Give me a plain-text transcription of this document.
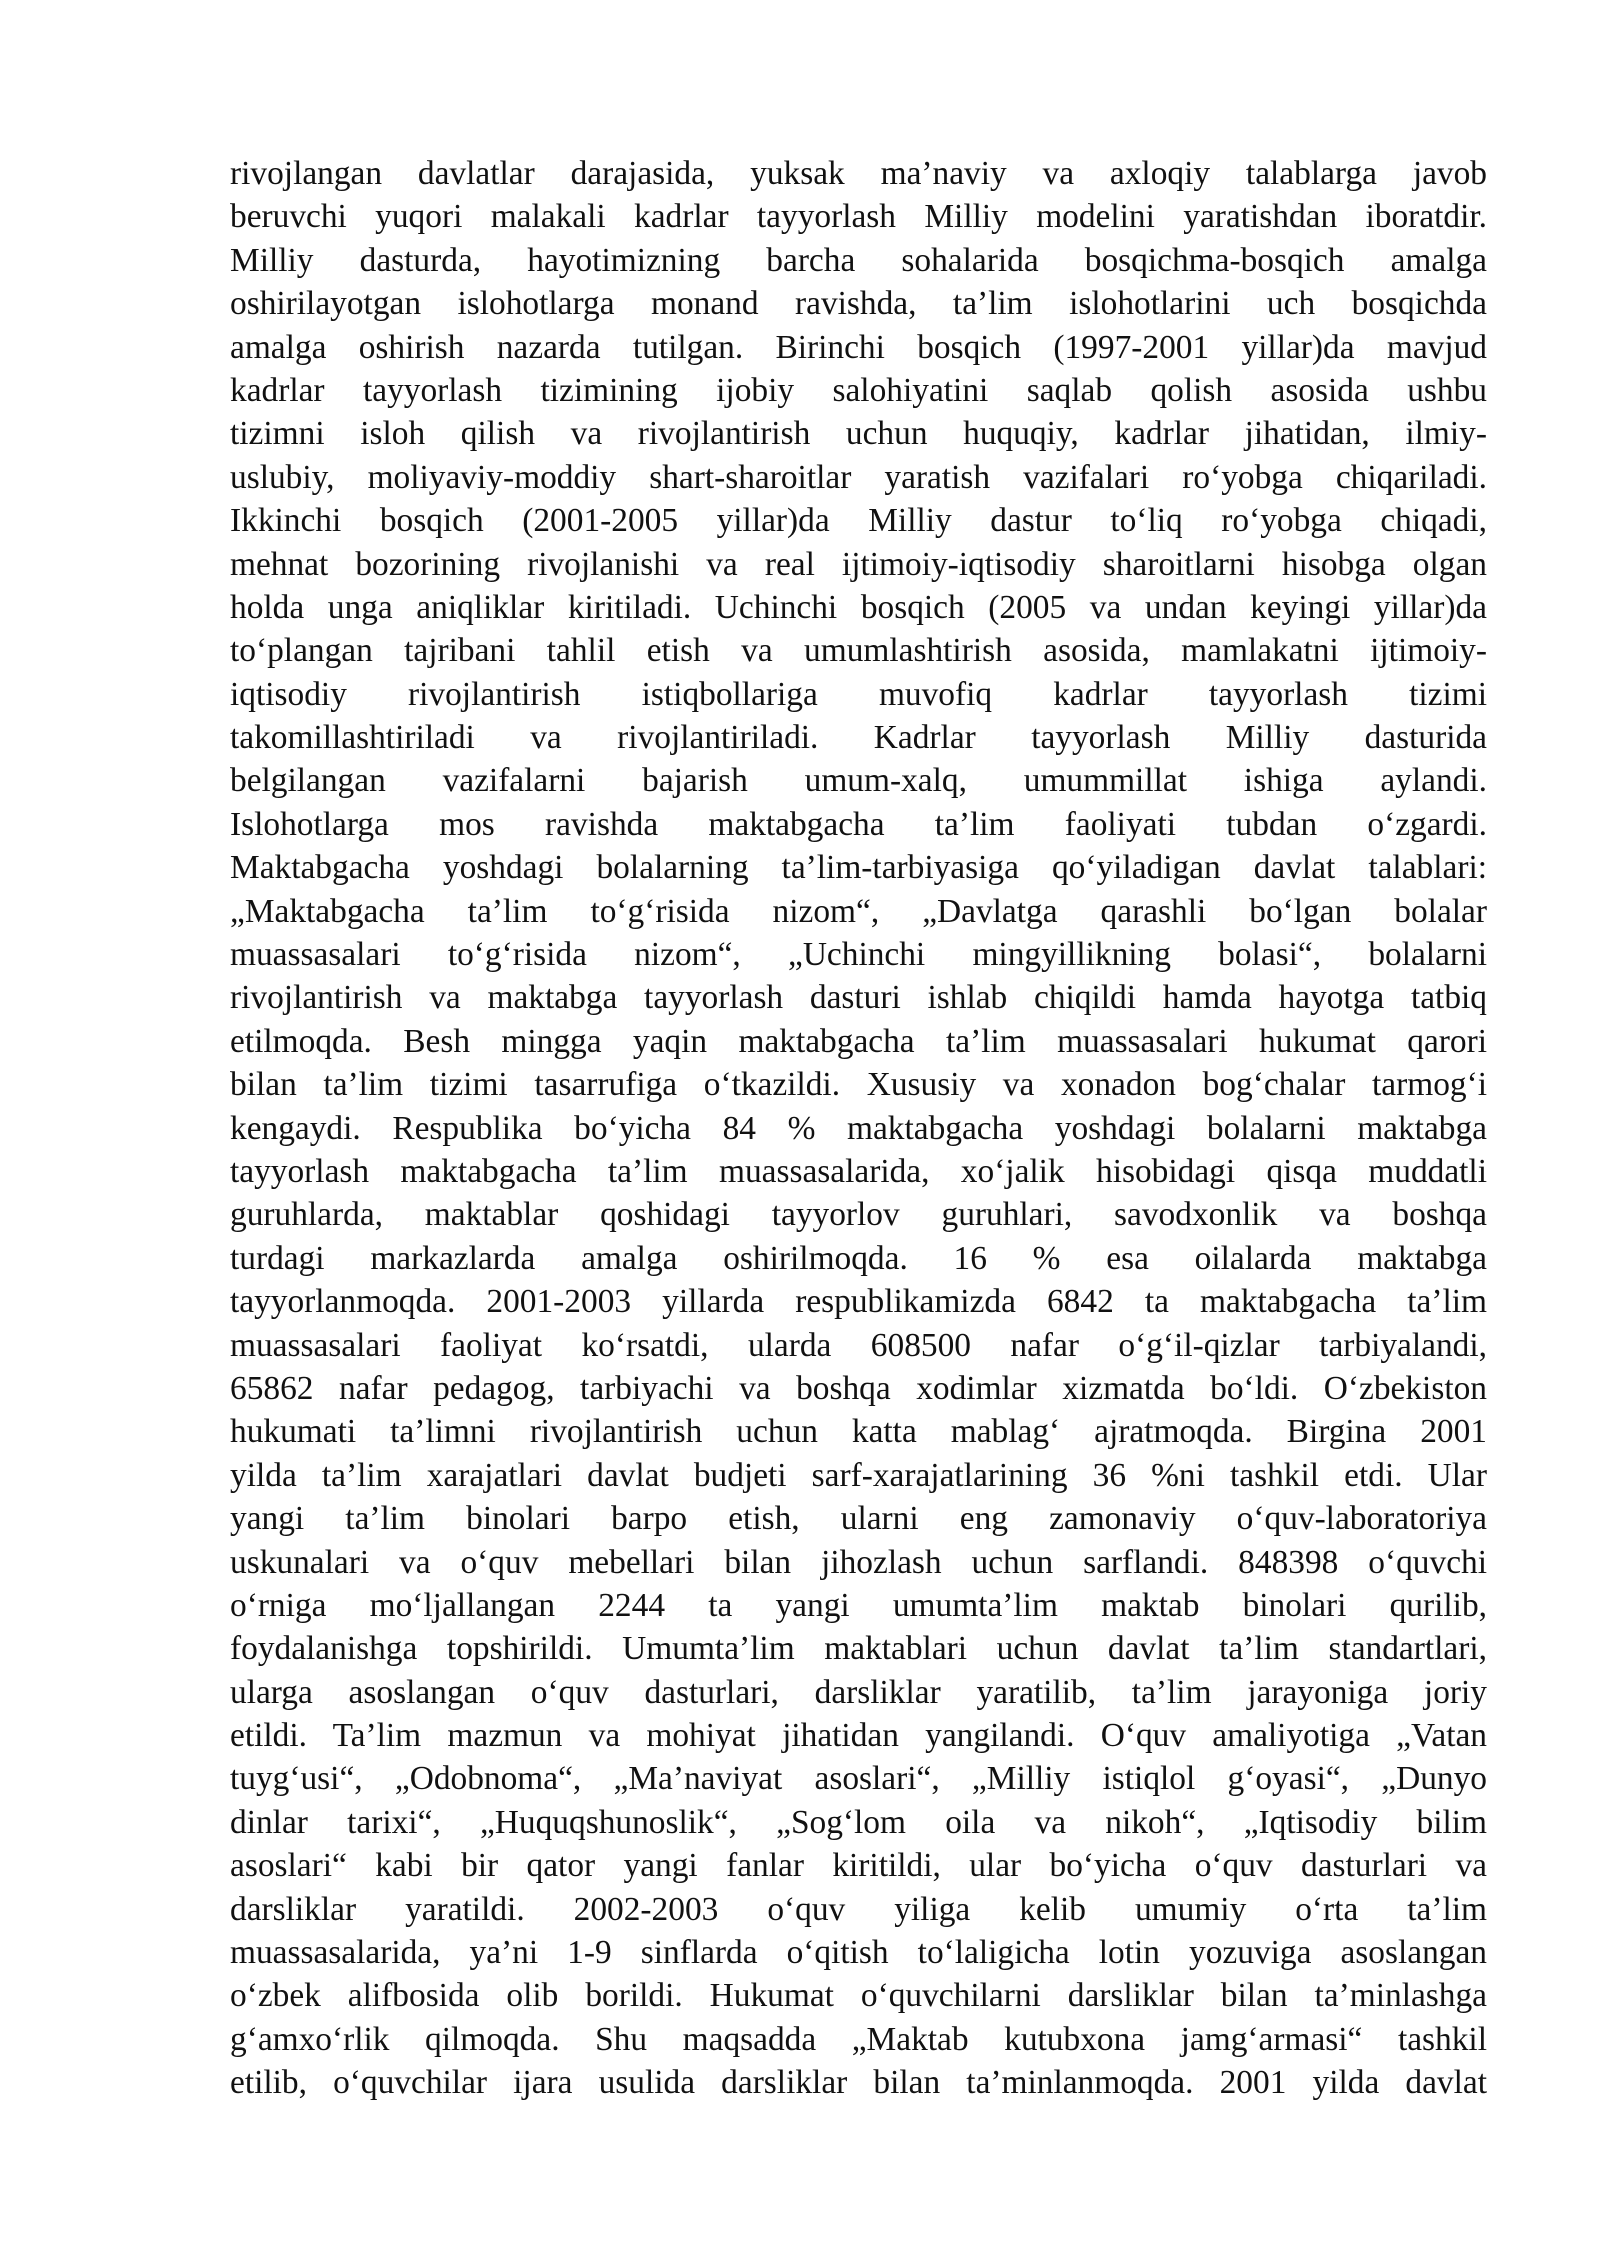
rivojlangan davlatlar darajasida, yuksak ma’naviy va axloqiy talablarga javob
beruvchi yuqori malakali kadrlar tayyorlash Milliy modelini yaratishdan iboratdir.
Milliy dasturda, hayotimizning barcha sohalarida bosqichma-bosqich amalga
oshirilayotgan islohotlarga monand ravishda, ta’lim islohotlarini uch bosqichda
amalga oshirish nazarda tutilgan. Birinchi bosqich (1997-2001 yillar)da mavjud
kadrlar tayyorlash tizimining ijobiy salohiyatini saqlab qolish asosida ushbu
tizimni isloh qilish va rivojlantirish uchun huquqiy, kadrlar jihatidan, ilmiy-
uslubiy, moliyaviy-moddiy shart-sharoitlar yaratish vazifalari ro‘yobga chiqariladi.
Ikkinchi bosqich (2001-2005 yillar)da Milliy dastur to‘liq ro‘yobga chiqadi,
mehnat bozorining rivojlanishi va real ijtimoiy-iqtisodiy sharoitlarni hisobga olgan
holda unga aniqliklar kiritiladi. Uchinchi bosqich (2005 va undan keyingi yillar)da
to‘plangan tajribani tahlil etish va umumlashtirish asosida, mamlakatni ijtimoiy-
iqtisodiy rivojlantirish istiqbollariga muvofiq kadrlar tayyorlash tizimi
takomillashtiriladi va rivojlantiriladi. Kadrlar tayyorlash Milliy dasturida
belgilangan vazifalarni bajarish umum-xalq, umummillat ishiga aylandi.
Islohotlarga mos ravishda maktabgacha ta’lim faoliyati tubdan o‘zgardi.
Maktabgacha yoshdagi bolalarning ta’lim-tarbiyasiga qo‘yiladigan davlat talablari:
„Maktabgacha ta’lim to‘g‘risida nizom“, „Davlatga qarashli bo‘lgan bolalar
muassasalari to‘g‘risida nizom“, „Uchinchi mingyillikning bolasi“, bolalarni
rivojlantirish va maktabga tayyorlash dasturi ishlab chiqildi hamda hayotga tatbiq
etilmoqda. Besh mingga yaqin maktabgacha ta’lim muassasalari hukumat qarori
bilan ta’lim tizimi tasarrufiga o‘tkazildi. Xususiy va xonadon bog‘chalar tarmog‘i
kengaydi. Respublika bo‘yicha 84 % maktabgacha yoshdagi bolalarni maktabga
tayyorlash maktabgacha ta’lim muassasalarida, xo‘jalik hisobidagi qisqa muddatli
guruhlarda, maktablar qoshidagi tayyorlov guruhlari, savodxonlik va boshqa
turdagi markazlarda amalga oshirilmoqda. 16 % esa oilalarda maktabga
tayyorlanmoqda. 2001-2003 yillarda respublikamizda 6842 ta maktabgacha ta’lim
muassasalari faoliyat ko‘rsatdi, ularda 608500 nafar o‘g‘il-qizlar tarbiyalandi,
65862 nafar pedagog, tarbiyachi va boshqa xodimlar xizmatda bo‘ldi. O‘zbekiston
hukumati ta’limni rivojlantirish uchun katta mablag‘ ajratmoqda. Birgina 2001
yilda ta’lim xarajatlari davlat budjeti sarf-xarajatlarining 36 %ni tashkil etdi. Ular
yangi ta’lim binolari barpo etish, ularni eng zamonaviy o‘quv-laboratoriya
uskunalari va o‘quv mebellari bilan jihozlash uchun sarflandi. 848398 o‘quvchi
o‘rniga mo‘ljallangan 2244 ta yangi umumta’lim maktab binolari qurilib,
foydalanishga topshirildi. Umumta’lim maktablari uchun davlat ta’lim standartlari,
ularga asoslangan o‘quv dasturlari, darsliklar yaratilib, ta’lim jarayoniga joriy
etildi. Ta’lim mazmun va mohiyat jihatidan yangilandi. O‘quv amaliyotiga „Vatan
tuyg‘usi“, „Odobnoma“, „Ma’naviyat asoslari“, „Milliy istiqlol g‘oyasi“, „Dunyo
dinlar tarixi“, „Huquqshunoslik“, „Sog‘lom oila va nikoh“, „Iqtisodiy bilim
asoslari“ kabi bir qator yangi fanlar kiritildi, ular bo‘yicha o‘quv dasturlari va
darsliklar yaratildi. 2002-2003 o‘quv yiliga kelib umumiy o‘rta ta’lim
muassasalarida, ya’ni 1-9 sinflarda o‘qitish to‘laligicha lotin yozuviga asoslangan
o‘zbek alifbosida olib borildi. Hukumat o‘quvchilarni darsliklar bilan ta’minlashga
g‘amxo‘rlik qilmoqda. Shu maqsadda „Maktab kutubxona jamg‘armasi“ tashkil
etilib, o‘quvchilar ijara usulida darsliklar bilan ta’minlanmoqda. 2001 yilda davlat
